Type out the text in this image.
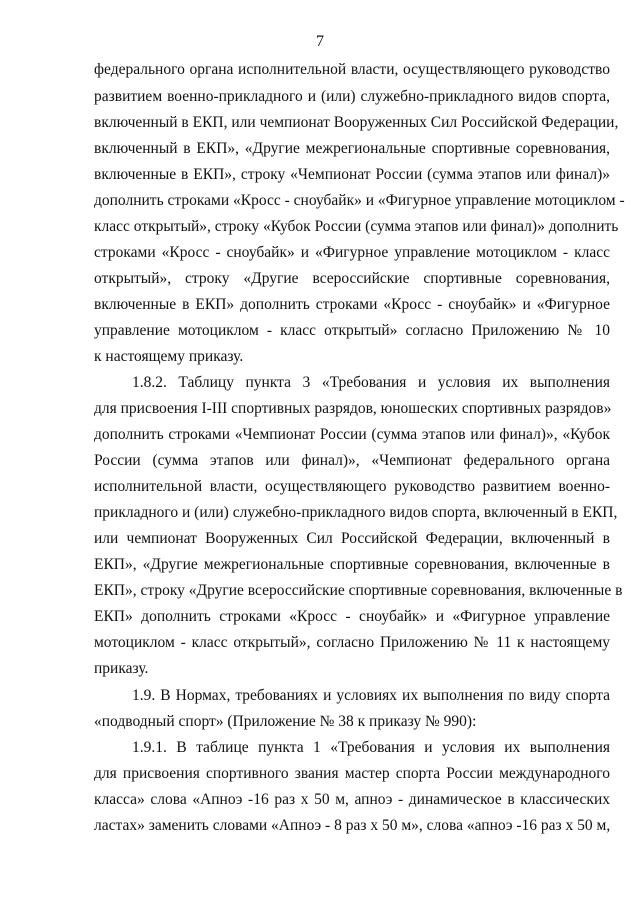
7
федерального органа исполнительной власти, осуществляющего руководство
развитием военно-прикладного и (или) служебно-прикладного видов спорта,
включенный в ЕКП, или чемпионат Вооруженных Сил Российской Федерации,
включенный в ЕКП», «Другие межрегиональные спортивные соревнования,
включенные в ЕКП», строку «Чемпионат России (сумма этапов или финал)»
дополнить строками «Кросс - сноубайк» и «Фигурное управление мотоциклом -
класс открытый», строку «Кубок России (сумма этапов или финал)» дополнить
строками «Кросс - сноубайк» и «Фигурное управление мотоциклом - класс
открытый», строку «Другие всероссийские спортивные соревнования,
включенные в ЕКП» дополнить строками «Кросс - сноубайк» и «Фигурное
управление мотоциклом - класс открытый» согласно Приложению № 10
к настоящему приказу.
1.8.2. Таблицу пункта 3 «Требования и условия их выполнения
для присвоения I-III спортивных разрядов, юношеских спортивных разрядов»
дополнить строками «Чемпионат России (сумма этапов или финал)», «Кубок
России (сумма этапов или финал)», «Чемпионат федерального органа
исполнительной власти, осуществляющего руководство развитием военно-
прикладного и (или) служебно-прикладного видов спорта, включенный в ЕКП,
или чемпионат Вооруженных Сил Российской Федерации, включенный в
ЕКП», «Другие межрегиональные спортивные соревнования, включенные в
ЕКП», строку «Другие всероссийские спортивные соревнования, включенные в
ЕКП» дополнить строками «Кросс - сноубайк» и «Фигурное управление
мотоциклом - класс открытый», согласно Приложению № 11 к настоящему
приказу.
1.9. В Нормах, требованиях и условиях их выполнения по виду спорта
«подводный спорт» (Приложение № 38 к приказу № 990):
1.9.1. В таблице пункта 1 «Требования и условия их выполнения
для присвоения спортивного звания мастер спорта России международного
класса» слова «Апноэ -16 раз х 50 м, апноэ - динамическое в классических
ластах» заменить словами «Апноэ - 8 раз х 50 м», слова «апноэ -16 раз х 50 м,
